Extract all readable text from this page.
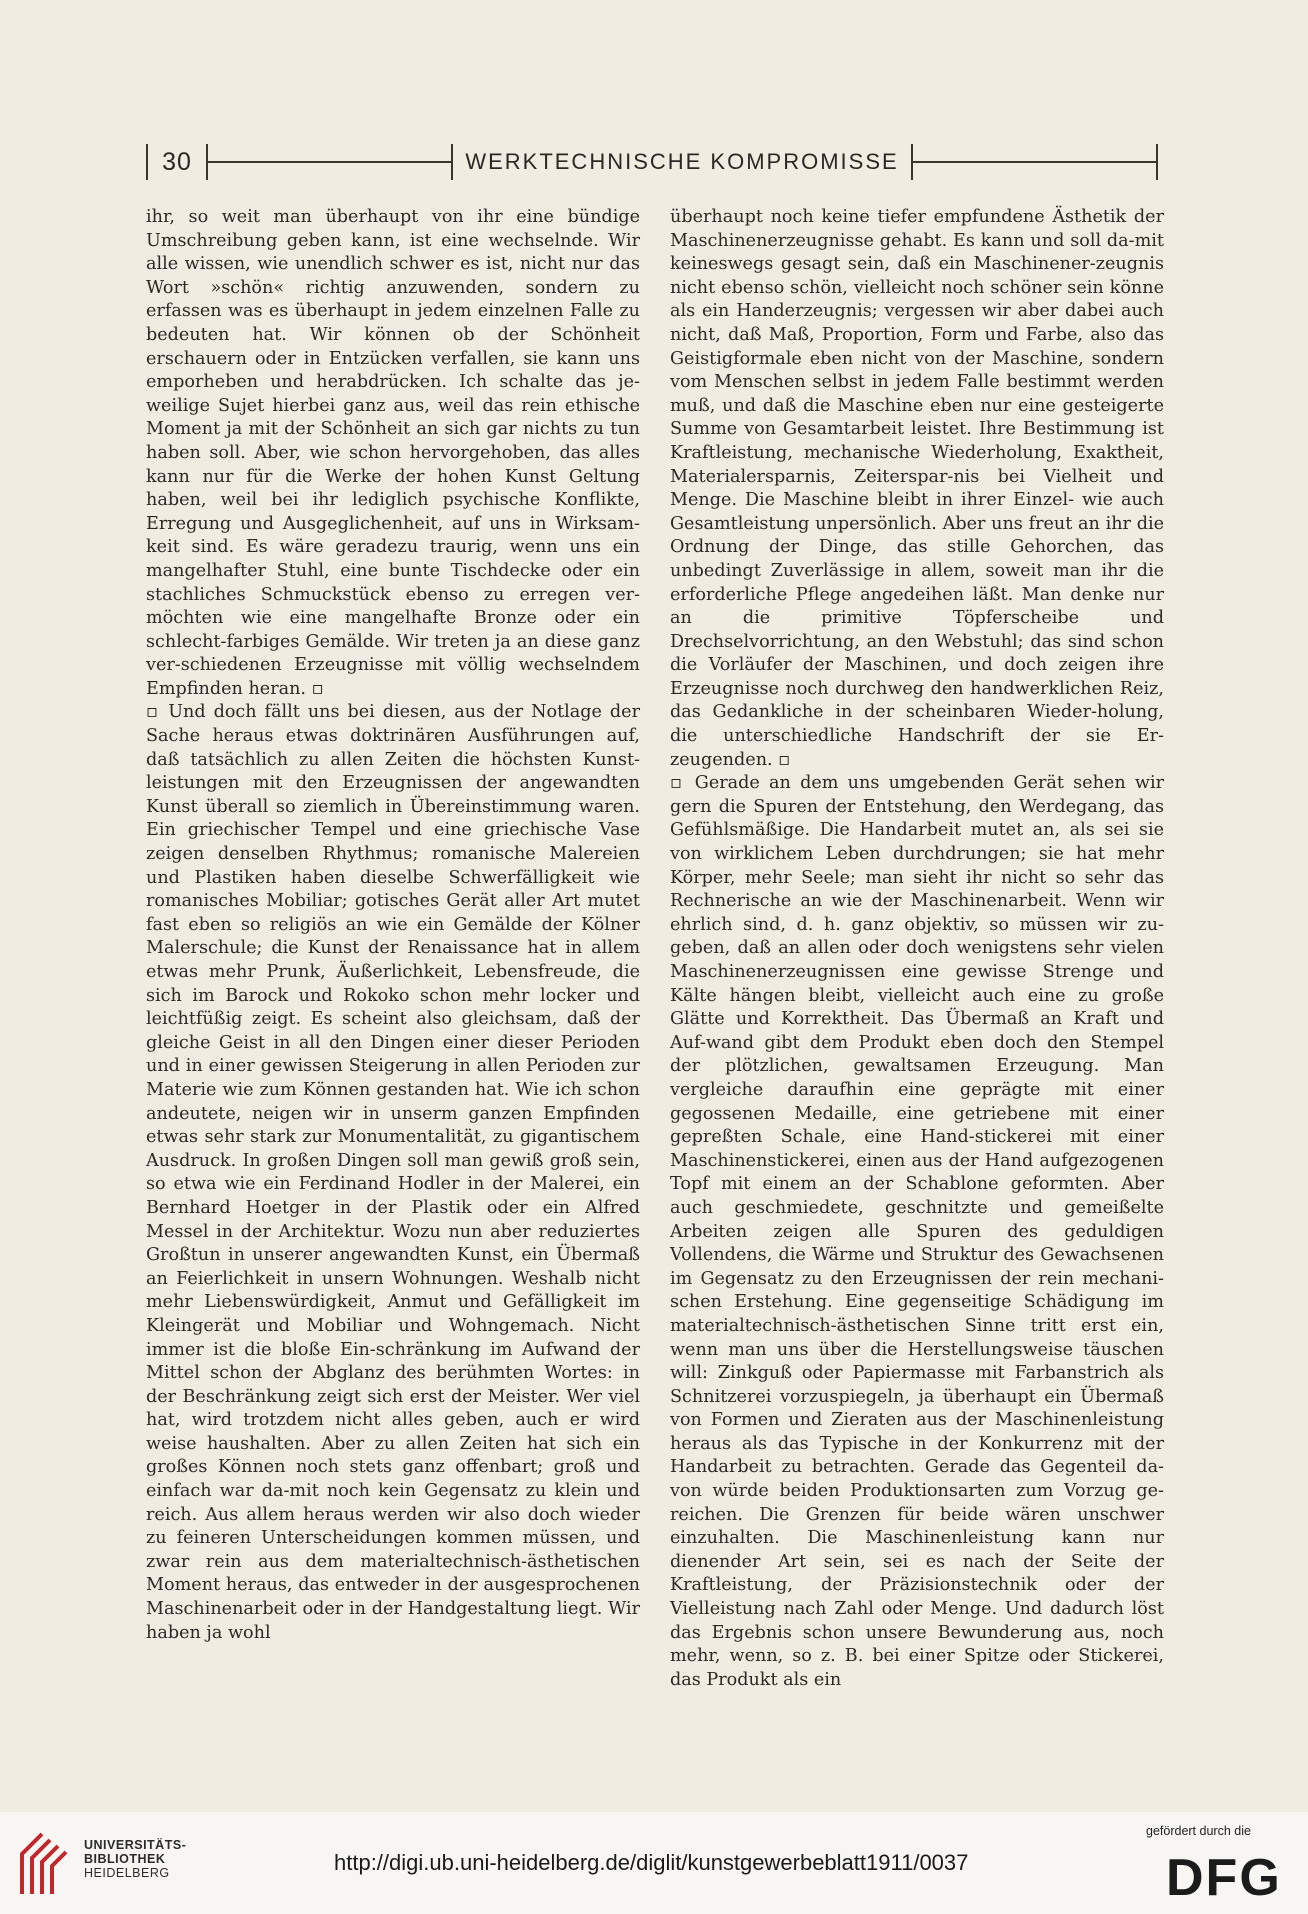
30	WERKTECHNISCHE KOMPROMISSE

ihr, so weit man überhaupt von ihr eine bündige Umschreibung geben kann, ist eine wechselnde. Wir alle wissen, wie unendlich schwer es ist, nicht nur das Wort »schön« richtig anzuwenden, sondern zu erfassen was es überhaupt in jedem einzelnen Falle zu bedeuten hat. Wir können ob der Schönheit erschauern oder in Entzücken verfallen, sie kann uns emporheben und herabdrücken. Ich schalte das je-weilige Sujet hierbei ganz aus, weil das rein ethische Moment ja mit der Schönheit an sich gar nichts zu tun haben soll. Aber, wie schon hervorgehoben, das alles kann nur für die Werke der hohen Kunst Geltung haben, weil bei ihr lediglich psychische Konflikte, Erregung und Ausgeglichenheit, auf uns in Wirksam-keit sind. Es wäre geradezu traurig, wenn uns ein mangelhafter Stuhl, eine bunte Tischdecke oder ein stachliches Schmuckstück ebenso zu erregen ver-möchten wie eine mangelhafte Bronze oder ein schlecht-farbiges Gemälde. Wir treten ja an diese ganz ver-schiedenen Erzeugnisse mit völlig wechselndem Empfinden heran. ▫

▫ Und doch fällt uns bei diesen, aus der Notlage der Sache heraus etwas doktrinären Ausführungen auf, daß tatsächlich zu allen Zeiten die höchsten Kunst-leistungen mit den Erzeugnissen der angewandten Kunst überall so ziemlich in Übereinstimmung waren. Ein griechischer Tempel und eine griechische Vase zeigen denselben Rhythmus; romanische Malereien und Plastiken haben dieselbe Schwerfälligkeit wie romanisches Mobiliar; gotisches Gerät aller Art mutet fast eben so religiös an wie ein Gemälde der Kölner Malerschule; die Kunst der Renaissance hat in allem etwas mehr Prunk, Äußerlichkeit, Lebensfreude, die sich im Barock und Rokoko schon mehr locker und leichtfüßig zeigt. Es scheint also gleichsam, daß der gleiche Geist in all den Dingen einer dieser Perioden und in einer gewissen Steigerung in allen Perioden zur Materie wie zum Können gestanden hat. Wie ich schon andeutete, neigen wir in unserm ganzen Empfinden etwas sehr stark zur Monumentalität, zu gigantischem Ausdruck. In großen Dingen soll man gewiß groß sein, so etwa wie ein Ferdinand Hodler in der Malerei, ein Bernhard Hoetger in der Plastik oder ein Alfred Messel in der Architektur. Wozu nun aber reduziertes Großtun in unserer angewandten Kunst, ein Übermaß an Feierlichkeit in unsern Wohnungen. Weshalb nicht mehr Liebenswürdigkeit, Anmut und Gefälligkeit im Kleingerät und Mobiliar und Wohngemach. Nicht immer ist die bloße Ein-schränkung im Aufwand der Mittel schon der Abglanz des berühmten Wortes: in der Beschränkung zeigt sich erst der Meister. Wer viel hat, wird trotzdem nicht alles geben, auch er wird weise haushalten. Aber zu allen Zeiten hat sich ein großes Können noch stets ganz offenbart; groß und einfach war da-mit noch kein Gegensatz zu klein und reich. Aus allem heraus werden wir also doch wieder zu feineren Unterscheidungen kommen müssen, und zwar rein aus dem materialtechnisch-ästhetischen Moment heraus, das entweder in der ausgesprochenen Maschinenarbeit oder in der Handgestaltung liegt. Wir haben ja wohl

überhaupt noch keine tiefer empfundene Ästhetik der Maschinenerzeugnisse gehabt. Es kann und soll da-mit keineswegs gesagt sein, daß ein Maschinener-zeugnis nicht ebenso schön, vielleicht noch schöner sein könne als ein Handerzeugnis; vergessen wir aber dabei auch nicht, daß Maß, Proportion, Form und Farbe, also das Geistigformale eben nicht von der Maschine, sondern vom Menschen selbst in jedem Falle bestimmt werden muß, und daß die Maschine eben nur eine gesteigerte Summe von Gesamtarbeit leistet. Ihre Bestimmung ist Kraftleistung, mechanische Wiederholung, Exaktheit, Materialersparnis, Zeiterspar-nis bei Vielheit und Menge. Die Maschine bleibt in ihrer Einzel- wie auch Gesamtleistung unpersönlich. Aber uns freut an ihr die Ordnung der Dinge, das stille Gehorchen, das unbedingt Zuverlässige in allem, soweit man ihr die erforderliche Pflege angedeihen läßt. Man denke nur an die primitive Töpferscheibe und Drechselvorrichtung, an den Webstuhl; das sind schon die Vorläufer der Maschinen, und doch zeigen ihre Erzeugnisse noch durchweg den handwerklichen Reiz, das Gedankliche in der scheinbaren Wieder-holung, die unterschiedliche Handschrift der sie Er-zeugenden. ▫

▫ Gerade an dem uns umgebenden Gerät sehen wir gern die Spuren der Entstehung, den Werdegang, das Gefühlsmäßige. Die Handarbeit mutet an, als sei sie von wirklichem Leben durchdrungen; sie hat mehr Körper, mehr Seele; man sieht ihr nicht so sehr das Rechnerische an wie der Maschinenarbeit. Wenn wir ehrlich sind, d. h. ganz objektiv, so müssen wir zu-geben, daß an allen oder doch wenigstens sehr vielen Maschinenerzeugnissen eine gewisse Strenge und Kälte hängen bleibt, vielleicht auch eine zu große Glätte und Korrektheit. Das Übermaß an Kraft und Auf-wand gibt dem Produkt eben doch den Stempel der plötzlichen, gewaltsamen Erzeugung. Man vergleiche daraufhin eine geprägte mit einer gegossenen Medaille, eine getriebene mit einer gepreßten Schale, eine Hand-stickerei mit einer Maschinenstickerei, einen aus der Hand aufgezogenen Topf mit einem an der Schablone geformten. Aber auch geschmiedete, geschnitzte und gemeißelte Arbeiten zeigen alle Spuren des geduldigen Vollendens, die Wärme und Struktur des Gewachsenen im Gegensatz zu den Erzeugnissen der rein mechani-schen Erstehung. Eine gegenseitige Schädigung im materialtechnisch-ästhetischen Sinne tritt erst ein, wenn man uns über die Herstellungsweise täuschen will: Zinkguß oder Papiermasse mit Farbanstrich als Schnitzerei vorzuspiegeln, ja überhaupt ein Übermaß von Formen und Zieraten aus der Maschinenleistung heraus als das Typische in der Konkurrenz mit der Handarbeit zu betrachten. Gerade das Gegenteil da-von würde beiden Produktionsarten zum Vorzug ge-reichen. Die Grenzen für beide wären unschwer einzuhalten. Die Maschinenleistung kann nur dienender Art sein, sei es nach der Seite der Kraftleistung, der Präzisionstechnik oder der Vielleistung nach Zahl oder Menge. Und dadurch löst das Ergebnis schon unsere Bewunderung aus, noch mehr, wenn, so z. B. bei einer Spitze oder Stickerei, das Produkt als ein

UNIVERSITÄTS-
BIBLIOTHEK
HEIDELBERG	http://digi.ub.uni-heidelberg.de/diglit/kunstgewerbeblatt1911/0037
gefördert durch die
DFG
